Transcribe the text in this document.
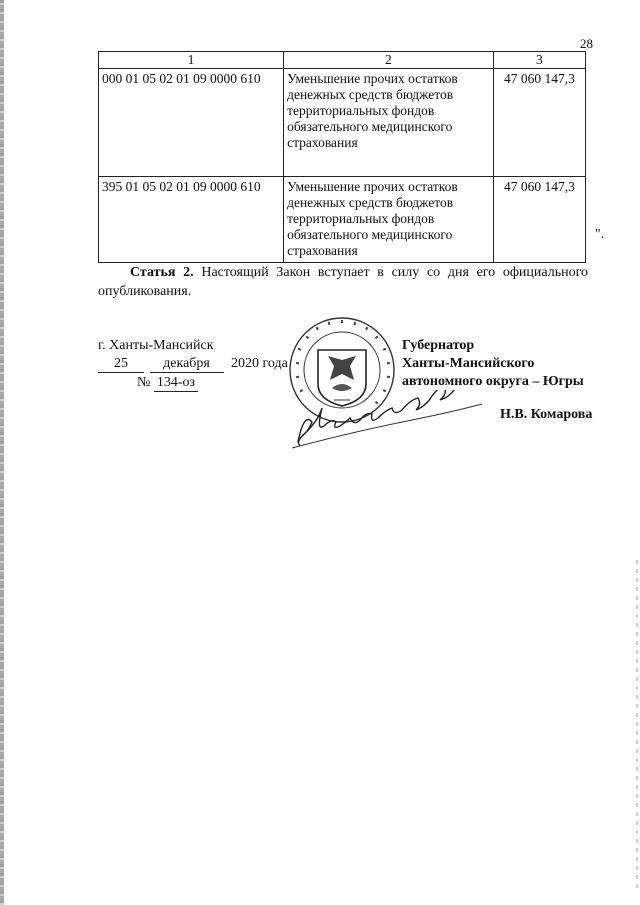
28
1	2	3
000 01 05 02 01 09 0000 610	Уменьшение прочих остатков денежных средств бюджетов территориальных фондов обязательного медицинского страхования	47 060 147,3
395 01 05 02 01 09 0000 610	Уменьшение прочих остатков денежных средств бюджетов территориальных фондов обязательного медицинского страхования	47 060 147,3
".

Статья 2. Настоящий Закон вступает в силу со дня его официального опубликования.

г. Ханты-Мансийск
25	декабря 2020 года
№ 134-оз
Губернатор
Ханты-Мансийского
автономного округа – Югры
Н.В. Комарова
